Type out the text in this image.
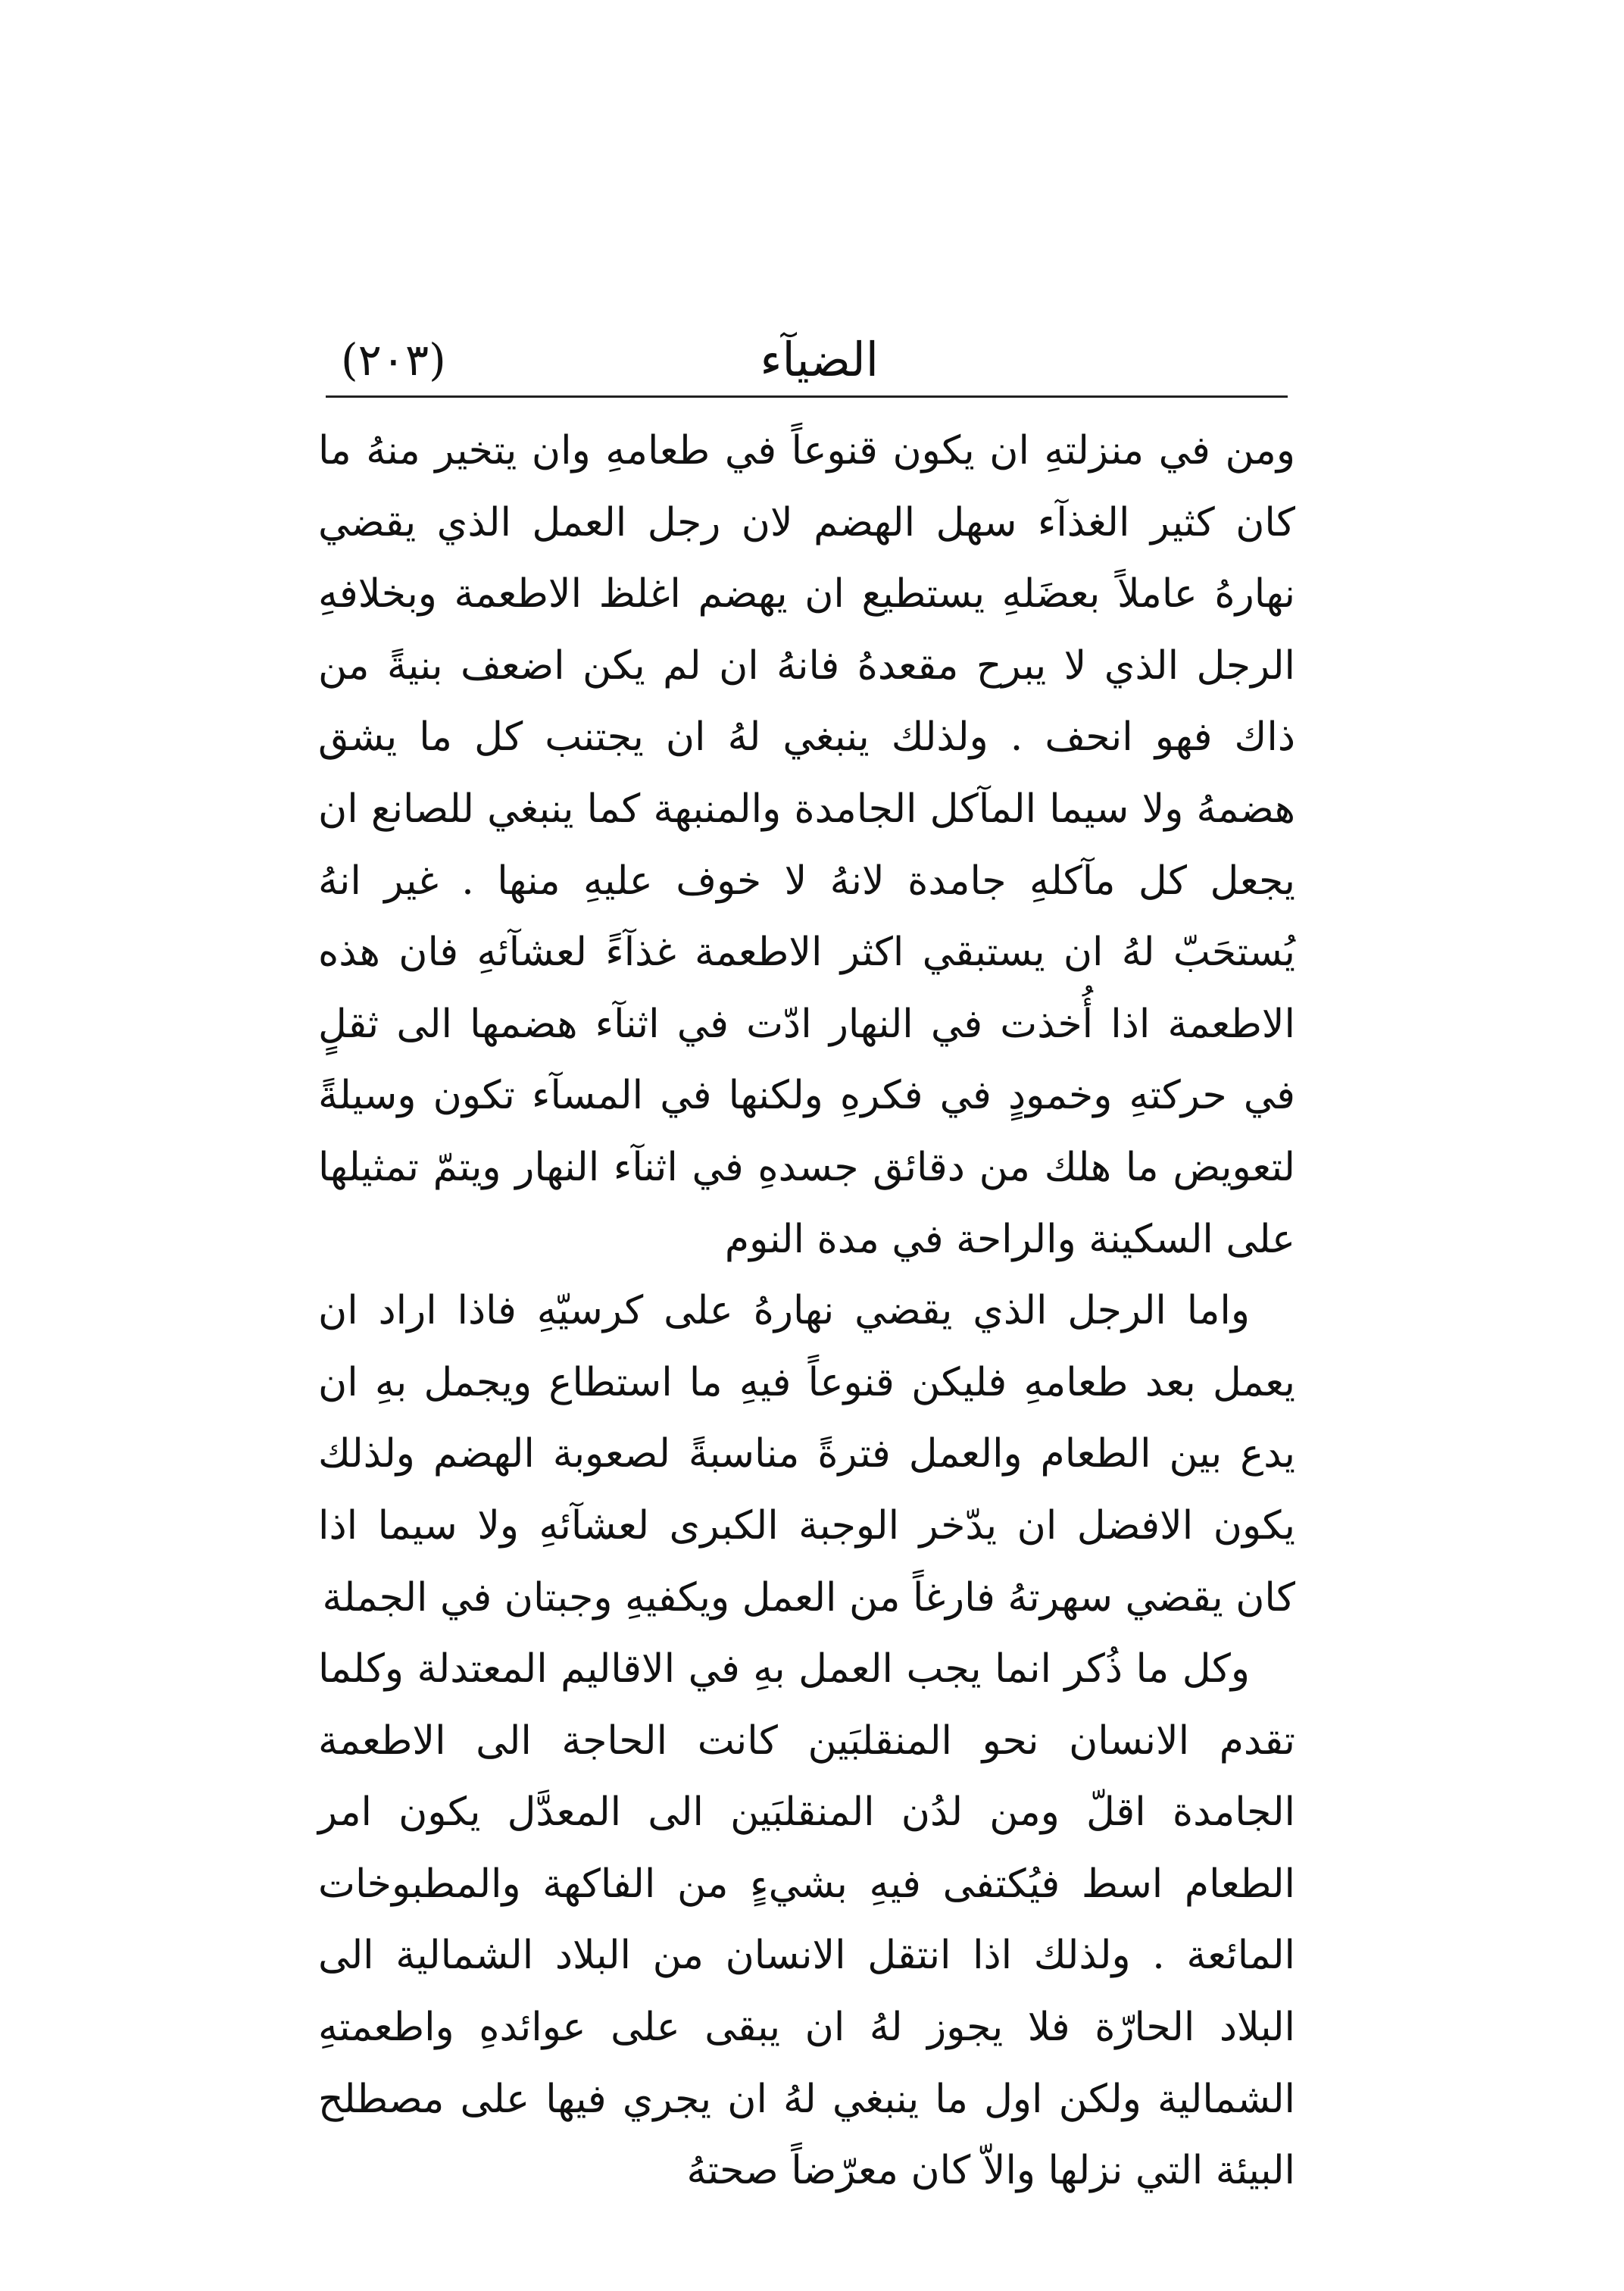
الضيآء
(٢٠٣)

ومن في منزلتهِ ان يكون قنوعاً في طعامهِ وان يتخير منهُ ما كان كثير الغذآء سهل الهضم لان رجل العمل الذي يقضي نهارهُ عاملاً بعضَلهِ يستطيع ان يهضم اغلظ الاطعمة وبخلافهِ الرجل الذي لا يبرح مقعدهُ فانهُ ان لم يكن اضعف بنيةً من ذاك فهو انحف . ولذلك ينبغي لهُ ان يجتنب كل ما يشق هضمهُ ولا سيما المآكل الجامدة والمنبهة كما ينبغي للصانع ان يجعل كل مآكلهِ جامدة لانهُ لا خوف عليهِ منها . غير انهُ يُستحَبّ لهُ ان يستبقي اكثر الاطعمة غذآءً لعشآئهِ فان هذه الاطعمة اذا أُخذت في النهار ادّت في اثنآء هضمها الى ثقلٍ في حركتهِ وخمودٍ في فكرهِ ولكنها في المسآء تكون وسيلةً لتعويض ما هلك من دقائق جسدهِ في اثنآء النهار ويتمّ تمثيلها على السكينة والراحة في مدة النوم

واما الرجل الذي يقضي نهارهُ على كرسيّهِ فاذا اراد ان يعمل بعد طعامهِ فليكن قنوعاً فيهِ ما استطاع ويجمل بهِ ان يدع بين الطعام والعمل فترةً مناسبةً لصعوبة الهضم ولذلك يكون الافضل ان يدّخر الوجبة الكبرى لعشآئهِ ولا سيما اذا كان يقضي سهرتهُ فارغاً من العمل ويكفيهِ وجبتان في الجملة

وكل ما ذُكر انما يجب العمل بهِ في الاقاليم المعتدلة وكلما تقدم الانسان نحو المنقلبَين كانت الحاجة الى الاطعمة الجامدة اقلّ ومن لدُن المنقلبَين الى المعدَّل يكون امر الطعام اسط فيُكتفى فيهِ بشيءٍ من الفاكهة والمطبوخات المائعة . ولذلك اذا انتقل الانسان من البلاد الشمالية الى البلاد الحارّة فلا يجوز لهُ ان يبقى على عوائدهِ واطعمتهِ الشمالية ولكن اول ما ينبغي لهُ ان يجري فيها على مصطلح البيئة التي نزلها والاّ كان معرّضاً صحتهُ
